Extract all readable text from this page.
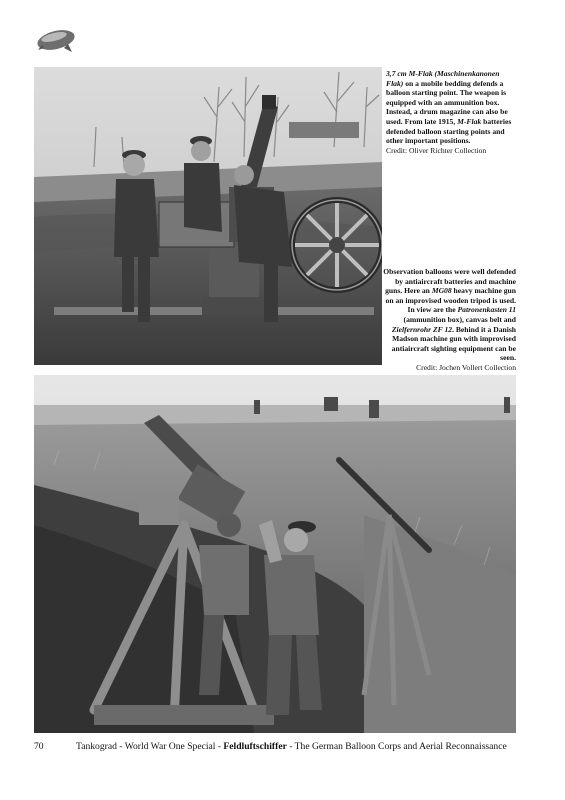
3,7 cm M-Flak (Maschinenkanonen Flak) on a mobile bedding defends a balloon starting point. The weapon is equipped with an ammunition box. Instead, a drum magazine can also be used. From late 1915, M-Flak batteries defended balloon starting points and other important positions.
Credit: Oliver Richter Collection
Observation balloons were well defended by antiaircraft batteries and machine guns. Here an MG08 heavy machine gun on an improvised wooden tripod is used. In view are the Patronenkasten 11 (ammunition box), canvas belt and Zielfernrohr ZF 12. Behind it a Danish Madson machine gun with improvised antiaircraft sighting equipment can be seen.
Credit: Jochen Vollert Collection
70	Tankograd - World War One Special - Feldluftschiffer - The German Balloon Corps and Aerial Reconnaissance
